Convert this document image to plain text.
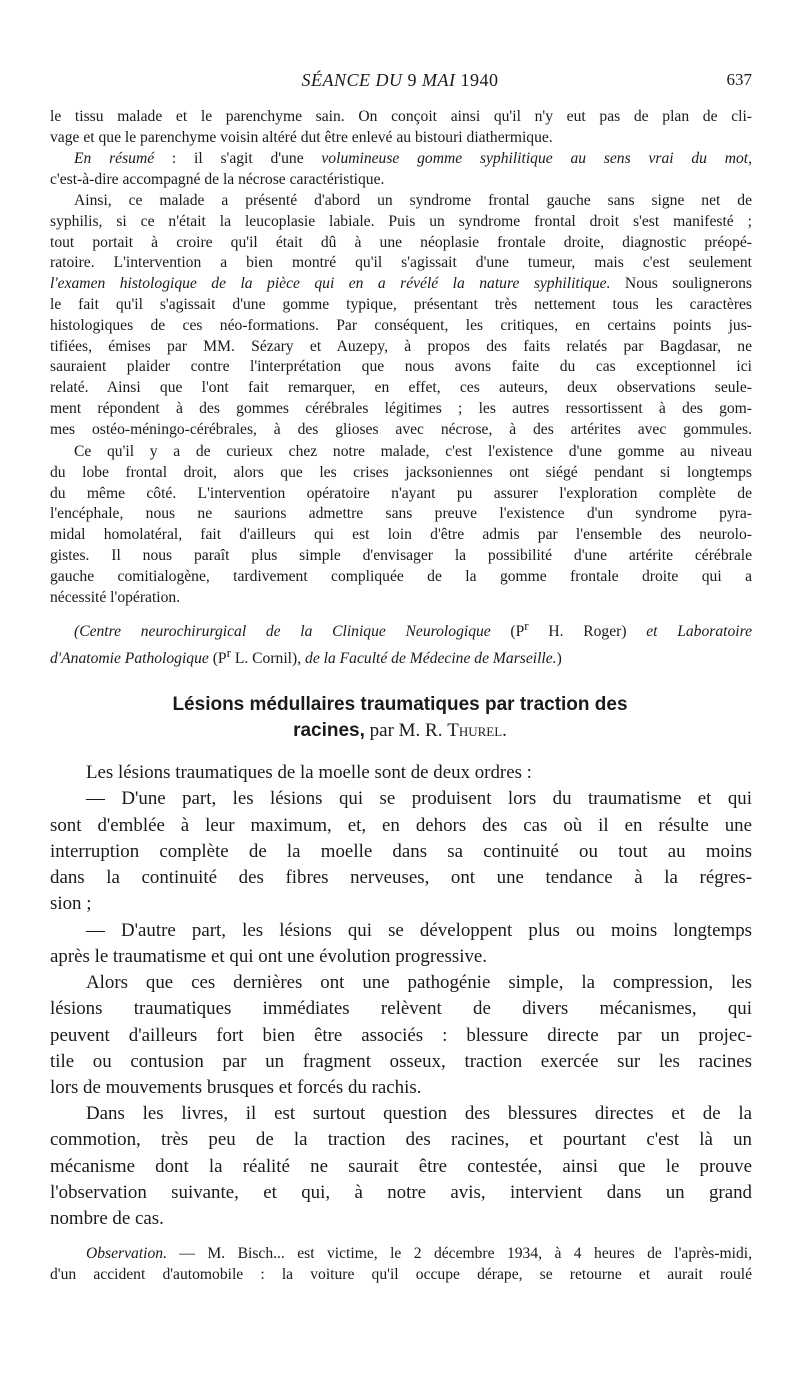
SÉANCE DU 9 MAI 1940	637

le tissu malade et le parenchyme sain. On conçoit ainsi qu'il n'y eut pas de plan de cli-
vage et que le parenchyme voisin altéré dut être enlevé au bistouri diathermique.

En résumé : il s'agit d'une volumineuse gomme syphilitique au sens vrai du mot,
c'est-à-dire accompagné de la nécrose caractéristique.

Ainsi, ce malade a présenté d'abord un syndrome frontal gauche sans signe net de
syphilis, si ce n'était la leucoplasie labiale. Puis un syndrome frontal droit s'est manifesté ;
tout portait à croire qu'il était dû à une néoplasie frontale droite, diagnostic préopé-
ratoire. L'intervention a bien montré qu'il s'agissait d'une tumeur, mais c'est seulement
l'examen histologique de la pièce qui en a révélé la nature syphilitique. Nous soulignerons
le fait qu'il s'agissait d'une gomme typique, présentant très nettement tous les caractères
histologiques de ces néo-formations. Par conséquent, les critiques, en certains points jus-
tifiées, émises par MM. Sézary et Auzepy, à propos des faits relatés par Bagdasar, ne
sauraient plaider contre l'interprétation que nous avons faite du cas exceptionnel ici
relaté. Ainsi que l'ont fait remarquer, en effet, ces auteurs, deux observations seule-
ment répondent à des gommes cérébrales légitimes ; les autres ressortissent à des gom-
mes ostéo-méningo-cérébrales, à des glioses avec nécrose, à des artérites avec gommules.

Ce qu'il y a de curieux chez notre malade, c'est l'existence d'une gomme au niveau
du lobe frontal droit, alors que les crises jacksoniennes ont siégé pendant si longtemps
du même côté. L'intervention opératoire n'ayant pu assurer l'exploration complète de
l'encéphale, nous ne saurions admettre sans preuve l'existence d'un syndrome pyra-
midal homolatéral, fait d'ailleurs qui est loin d'être admis par l'ensemble des neurolo-
gistes. Il nous paraît plus simple d'envisager la possibilité d'une artérite cérébrale
gauche comitialogène, tardivement compliquée de la gomme frontale droite qui a
nécessité l'opération.

(Centre neurochirurgical de la Clinique Neurologique ($P^r$ H. Roger) et Laboratoire
d'Anatomie Pathologique ($P^r$ L. Cornil), de la Faculté de Médecine de Marseille.)

Lésions médullaires traumatiques par traction des
racines, par M. R. Thurel.

Les lésions traumatiques de la moelle sont de deux ordres :
— D'une part, les lésions qui se produisent lors du traumatisme et qui
sont d'emblée à leur maximum, et, en dehors des cas où il en résulte une
interruption complète de la moelle dans sa continuité ou tout au moins
dans la continuité des fibres nerveuses, ont une tendance à la régres-
sion ;
— D'autre part, les lésions qui se développent plus ou moins longtemps
après le traumatisme et qui ont une évolution progressive.

Alors que ces dernières ont une pathogénie simple, la compression, les
lésions traumatiques immédiates relèvent de divers mécanismes, qui
peuvent d'ailleurs fort bien être associés : blessure directe par un projec-
tile ou contusion par un fragment osseux, traction exercée sur les racines
lors de mouvements brusques et forcés du rachis.

Dans les livres, il est surtout question des blessures directes et de la
commotion, très peu de la traction des racines, et pourtant c'est là un
mécanisme dont la réalité ne saurait être contestée, ainsi que le prouve
l'observation suivante, et qui, à notre avis, intervient dans un grand
nombre de cas.

Observation. — M. Bisch... est victime, le 2 décembre 1934, à 4 heures de l'après-midi,
d'un accident d'automobile : la voiture qu'il occupe dérape, se retourne et aurait roulé
